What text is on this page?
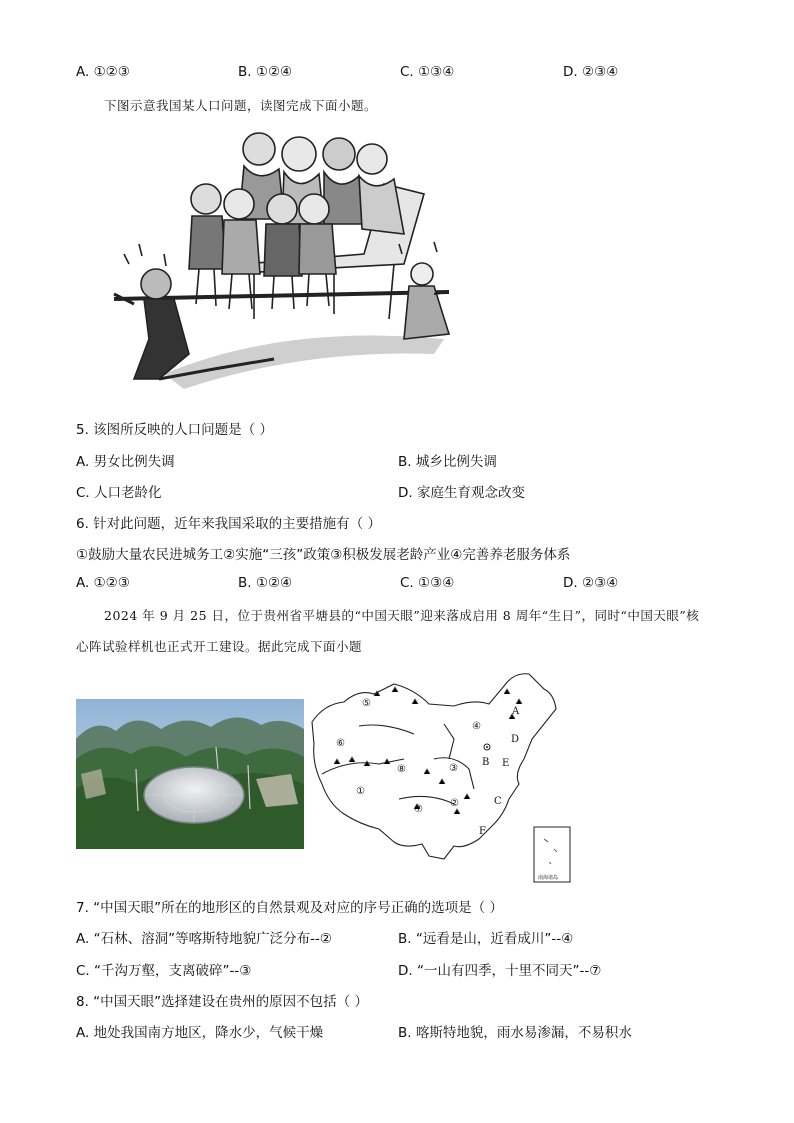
A. ①②③	B. ①②④	C. ①③④	D. ②③④
下图示意我国某人口问题，读图完成下面小题。
5. 该图所反映的人口问题是（ ）
A. 男女比例失调	B. 城乡比例失调
C. 人口老龄化	D. 家庭生育观念改变
6. 针对此问题，近年来我国采取的主要措施有（ ）
①鼓励大量农民进城务工②实施“三孩”政策③积极发展老龄产业④完善养老服务体系
A. ①②③	B. ①②④	C. ①③④	D. ②③④
2024 年 9 月 25 日，位于贵州省平塘县的“中国天眼”迎来落成启用 8 周年“生日”，同时“中国天眼”核
心阵试验样机也正式开工建设。据此完成下面小题
A
B
C
D
E
F
①
②
③
④
⑤
⑥
⑦
⑧
南海诸岛
7. “中国天眼”所在的地形区的自然景观及对应的序号正确的选项是（ ）
A. “石林、溶洞”等喀斯特地貌广泛分布--②	B. “远看是山，近看成川”--④
C. “千沟万壑，支离破碎”--③	D. “一山有四季，十里不同天”--⑦
8. “中国天眼”选择建设在贵州的原因不包括（ ）
A. 地处我国南方地区，降水少，气候干燥	B. 喀斯特地貌，雨水易渗漏，不易积水
